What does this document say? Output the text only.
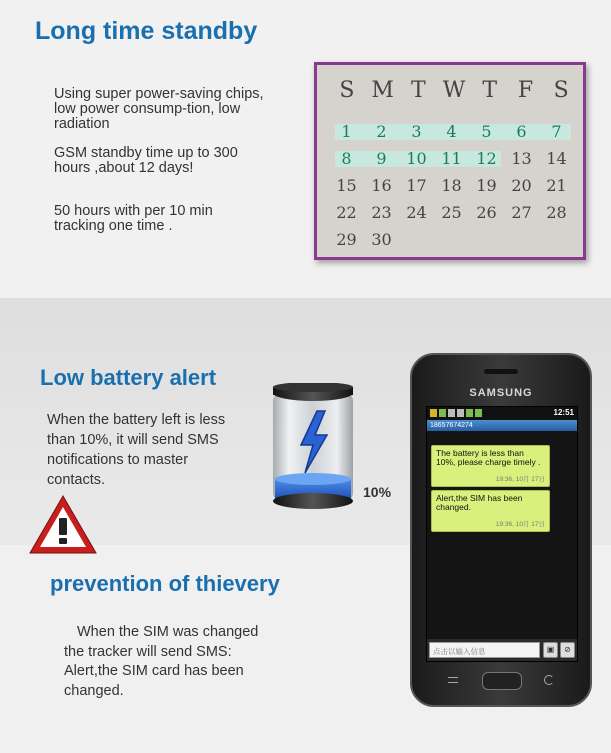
Long time standby
Using super power-saving chips, low power consump-tion, low radiation
GSM standby time up to 300 hours ,about 12 days!
50 hours with per 10 min tracking one time .
S M T W T F S
1	2	3	4	5	6	7
8	9	10 11 12 13 14
15 16 17 18 19 20 21
22 23 24 25 26 27 28
29 30
Low battery alert
When the battery left is less than 10%, it will send SMS notifications to master contacts.
10%
prevention of thievery
When the SIM was changed
the tracker will send SMS:
Alert,the SIM card has been
changed.
SAMSUNG
12:51
18657674274
The battery is less than 10%, please charge timely .
19:36, 10月 17日
Alert,the SIM has been changed.
19:36, 10月 17日
点击以输入信息	▣	⊘
